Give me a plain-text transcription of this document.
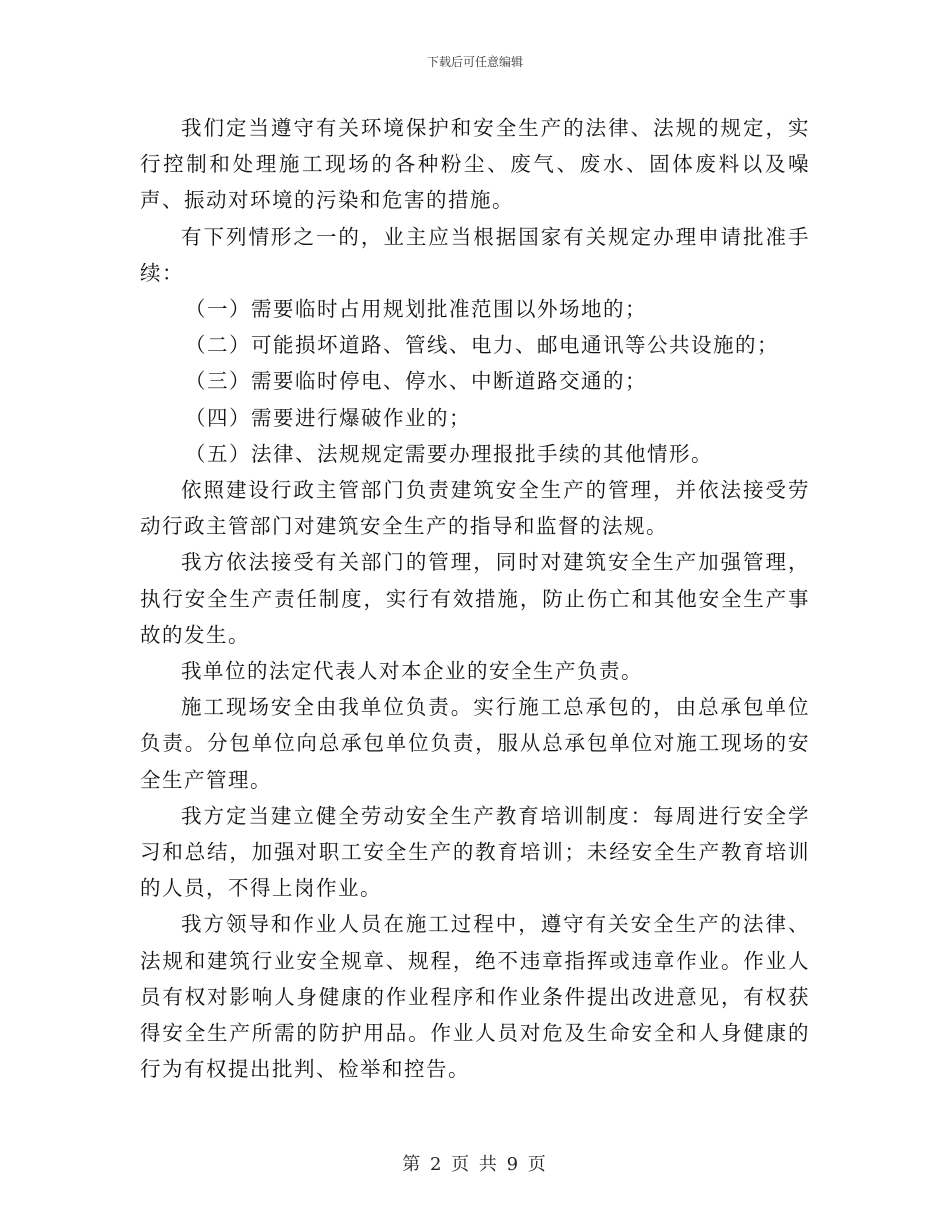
下载后可任意编辑

我们定当遵守有关环境保护和安全生产的法律、法规的规定，实行控制和处理施工现场的各种粉尘、废气、废水、固体废料以及噪声、振动对环境的污染和危害的措施。

有下列情形之一的，业主应当根据国家有关规定办理申请批准手续：

（一）需要临时占用规划批准范围以外场地的；

（二）可能损坏道路、管线、电力、邮电通讯等公共设施的；

（三）需要临时停电、停水、中断道路交通的；

（四）需要进行爆破作业的；

（五）法律、法规规定需要办理报批手续的其他情形。

依照建设行政主管部门负责建筑安全生产的管理，并依法接受劳动行政主管部门对建筑安全生产的指导和监督的法规。

我方依法接受有关部门的管理，同时对建筑安全生产加强管理，执行安全生产责任制度，实行有效措施，防止伤亡和其他安全生产事故的发生。

我单位的法定代表人对本企业的安全生产负责。

施工现场安全由我单位负责。实行施工总承包的，由总承包单位负责。分包单位向总承包单位负责，服从总承包单位对施工现场的安全生产管理。

我方定当建立健全劳动安全生产教育培训制度：每周进行安全学习和总结，加强对职工安全生产的教育培训；未经安全生产教育培训的人员，不得上岗作业。

我方领导和作业人员在施工过程中，遵守有关安全生产的法律、法规和建筑行业安全规章、规程，绝不违章指挥或违章作业。作业人员有权对影响人身健康的作业程序和作业条件提出改进意见，有权获得安全生产所需的防护用品。作业人员对危及生命安全和人身健康的行为有权提出批判、检举和控告。

第 2 页 共 9 页
